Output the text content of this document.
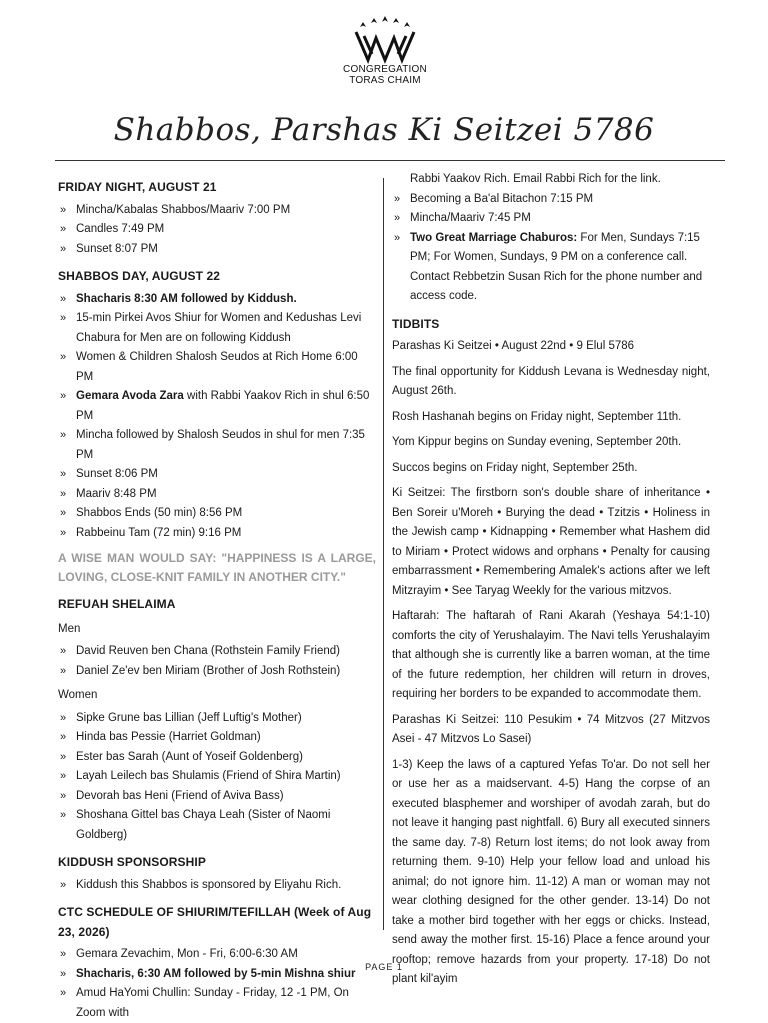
CONGREGATION
TORAS CHAIM
Shabbos, Parshas Ki Seitzei 5786
FRIDAY NIGHT, AUGUST 21
» Mincha/Kabalas Shabbos/Maariv 7:00 PM
» Candles 7:49 PM
» Sunset 8:07 PM
SHABBOS DAY, AUGUST 22
» Shacharis 8:30 AM followed by Kiddush.
» 15-min Pirkei Avos Shiur for Women and Kedushas Levi Chabura for Men are on following Kiddush
» Women & Children Shalosh Seudos at Rich Home 6:00 PM
» Gemara Avoda Zara with Rabbi Yaakov Rich in shul 6:50 PM
» Mincha followed by Shalosh Seudos in shul for men 7:35 PM
» Sunset 8:06 PM
» Maariv 8:48 PM
» Shabbos Ends (50 min) 8:56 PM
» Rabbeinu Tam (72 min) 9:16 PM
A WISE MAN WOULD SAY: "HAPPINESS IS A LARGE, LOVING, CLOSE-KNIT FAMILY IN ANOTHER CITY."
REFUAH SHELAIMA
Men
» David Reuven ben Chana (Rothstein Family Friend)
» Daniel Ze'ev ben Miriam (Brother of Josh Rothstein)
Women
» Sipke Grune bas Lillian (Jeff Luftig's Mother)
» Hinda bas Pessie (Harriet Goldman)
» Ester bas Sarah (Aunt of Yoseif Goldenberg)
» Layah Leilech bas Shulamis (Friend of Shira Martin)
» Devorah bas Heni (Friend of Aviva Bass)
» Shoshana Gittel bas Chaya Leah (Sister of Naomi Goldberg)
KIDDUSH SPONSORSHIP
» Kiddush this Shabbos is sponsored by Eliyahu Rich.
CTC SCHEDULE OF SHIURIM/TEFILLAH (Week of Aug 23, 2026)
» Gemara Zevachim, Mon - Fri, 6:00-6:30 AM
» Shacharis, 6:30 AM followed by 5-min Mishna shiur
» Amud HaYomi Chullin: Sunday - Friday, 12 -1 PM, On Zoom with
Rabbi Yaakov Rich. Email Rabbi Rich for the link.
» Becoming a Ba'al Bitachon 7:15 PM
» Mincha/Maariv 7:45 PM
» Two Great Marriage Chaburos: For Men, Sundays 7:15 PM; For Women, Sundays, 9 PM on a conference call. Contact Rebbetzin Susan Rich for the phone number and access code.
TIDBITS

Parashas Ki Seitzei • August 22nd • 9 Elul 5786

The final opportunity for Kiddush Levana is Wednesday night, August 26th.

Rosh Hashanah begins on Friday night, September 11th.

Yom Kippur begins on Sunday evening, September 20th.

Succos begins on Friday night, September 25th.

Ki Seitzei: The firstborn son's double share of inheritance • Ben Soreir u'Moreh • Burying the dead • Tzitzis • Holiness in the Jewish camp • Kidnapping • Remember what Hashem did to Miriam • Protect widows and orphans • Penalty for causing embarrassment • Remembering Amalek's actions after we left Mitzrayim • See Taryag Weekly for the various mitzvos.

Haftarah: The haftarah of Rani Akarah (Yeshaya 54:1-10) comforts the city of Yerushalayim. The Navi tells Yerushalayim that although she is currently like a barren woman, at the time of the future redemption, her children will return in droves, requiring her borders to be expanded to accommodate them.

Parashas Ki Seitzei: 110 Pesukim • 74 Mitzvos (27 Mitzvos Asei - 47 Mitzvos Lo Sasei)

1-3) Keep the laws of a captured Yefas To'ar. Do not sell her or use her as a maidservant. 4-5) Hang the corpse of an executed blasphemer and worshiper of avodah zarah, but do not leave it hanging past nightfall. 6) Bury all executed sinners the same day. 7-8) Return lost items; do not look away from returning them. 9-10) Help your fellow load and unload his animal; do not ignore him. 11-12) A man or woman may not wear clothing designed for the other gender. 13-14) Do not take a mother bird together with her eggs or chicks. Instead, send away the mother first. 15-16) Place a fence around your rooftop; remove hazards from your property. 17-18) Do not plant kil'ayim

PAGE 1
